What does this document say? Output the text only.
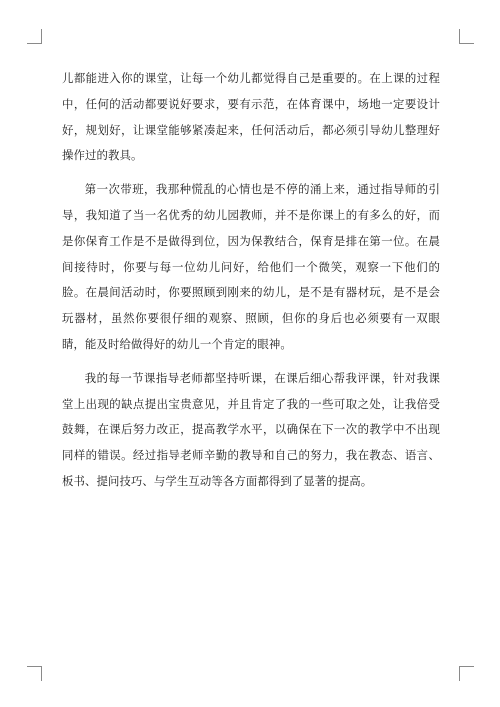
儿都能进入你的课堂，让每一个幼儿都觉得自己是重要的。在上课的过程中，任何的活动都要说好要求，要有示范，在体育课中，场地一定要设计好，规划好，让课堂能够紧凑起来，任何活动后，都必须引导幼儿整理好操作过的教具。

第一次带班，我那种慌乱的心情也是不停的涌上来，通过指导师的引导，我知道了当一名优秀的幼儿园教师，并不是你课上的有多么的好，而是你保育工作是不是做得到位，因为保教结合，保育是排在第一位。在晨间接待时，你要与每一位幼儿问好，给他们一个微笑，观察一下他们的脸。在晨间活动时，你要照顾到刚来的幼儿，是不是有器材玩，是不是会玩器材，虽然你要很仔细的观察、照顾，但你的身后也必须要有一双眼睛，能及时给做得好的幼儿一个肯定的眼神。

我的每一节课指导老师都坚持听课，在课后细心帮我评课，针对我课堂上出现的缺点提出宝贵意见，并且肯定了我的一些可取之处，让我倍受鼓舞，在课后努力改正，提高教学水平，以确保在下一次的教学中不出现同样的错误。经过指导老师辛勤的教导和自己的努力，我在教态、语言、板书、提问技巧、与学生互动等各方面都得到了显著的提高。
